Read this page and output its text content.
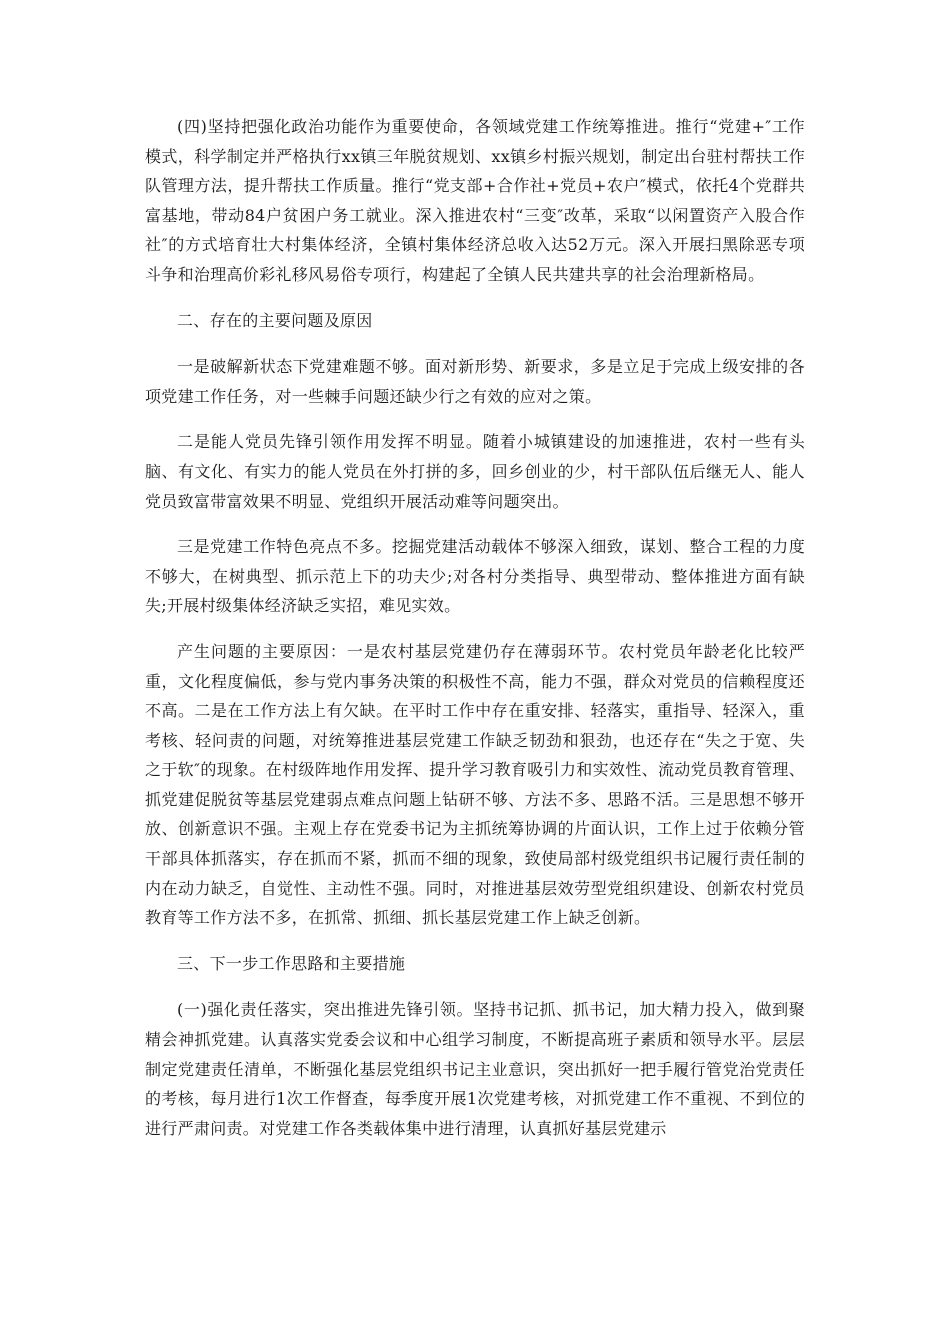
(四)坚持把强化政治功能作为重要使命，各领域党建工作统筹推进。推行“党建+″工作模式，科学制定并严格执行xx镇三年脱贫规划、xx镇乡村振兴规划，制定出台驻村帮扶工作队管理方法，提升帮扶工作质量。推行“党支部+合作社+党员+农户″模式，依托4个党群共富基地，带动84户贫困户务工就业。深入推进农村“三变″改革，采取“以闲置资产入股合作社″的方式培育壮大村集体经济，全镇村集体经济总收入达52万元。深入开展扫黑除恶专项斗争和治理高价彩礼移风易俗专项行，构建起了全镇人民共建共享的社会治理新格局。

二、存在的主要问题及原因

一是破解新状态下党建难题不够。面对新形势、新要求，多是立足于完成上级安排的各项党建工作任务，对一些棘手问题还缺少行之有效的应对之策。

二是能人党员先锋引领作用发挥不明显。随着小城镇建设的加速推进，农村一些有头脑、有文化、有实力的能人党员在外打拼的多，回乡创业的少，村干部队伍后继无人、能人党员致富带富效果不明显、党组织开展活动难等问题突出。

三是党建工作特色亮点不多。挖掘党建活动载体不够深入细致，谋划、整合工程的力度不够大，在树典型、抓示范上下的功夫少;对各村分类指导、典型带动、整体推进方面有缺失;开展村级集体经济缺乏实招，难见实效。

产生问题的主要原因：一是农村基层党建仍存在薄弱环节。农村党员年龄老化比较严重，文化程度偏低，参与党内事务决策的积极性不高，能力不强，群众对党员的信赖程度还不高。二是在工作方法上有欠缺。在平时工作中存在重安排、轻落实，重指导、轻深入，重考核、轻问责的问题，对统筹推进基层党建工作缺乏韧劲和狠劲，也还存在“失之于宽、失之于软″的现象。在村级阵地作用发挥、提升学习教育吸引力和实效性、流动党员教育管理、抓党建促脱贫等基层党建弱点难点问题上钻研不够、方法不多、思路不活。三是思想不够开放、创新意识不强。主观上存在党委书记为主抓统筹协调的片面认识，工作上过于依赖分管干部具体抓落实，存在抓而不紧，抓而不细的现象，致使局部村级党组织书记履行责任制的内在动力缺乏，自觉性、主动性不强。同时，对推进基层效劳型党组织建设、创新农村党员教育等工作方法不多，在抓常、抓细、抓长基层党建工作上缺乏创新。

三、下一步工作思路和主要措施

(一)强化责任落实，突出推进先锋引领。坚持书记抓、抓书记，加大精力投入，做到聚精会神抓党建。认真落实党委会议和中心组学习制度，不断提高班子素质和领导水平。层层制定党建责任清单，不断强化基层党组织书记主业意识，突出抓好一把手履行管党治党责任的考核，每月进行1次工作督查，每季度开展1次党建考核，对抓党建工作不重视、不到位的进行严肃问责。对党建工作各类载体集中进行清理，认真抓好基层党建示
